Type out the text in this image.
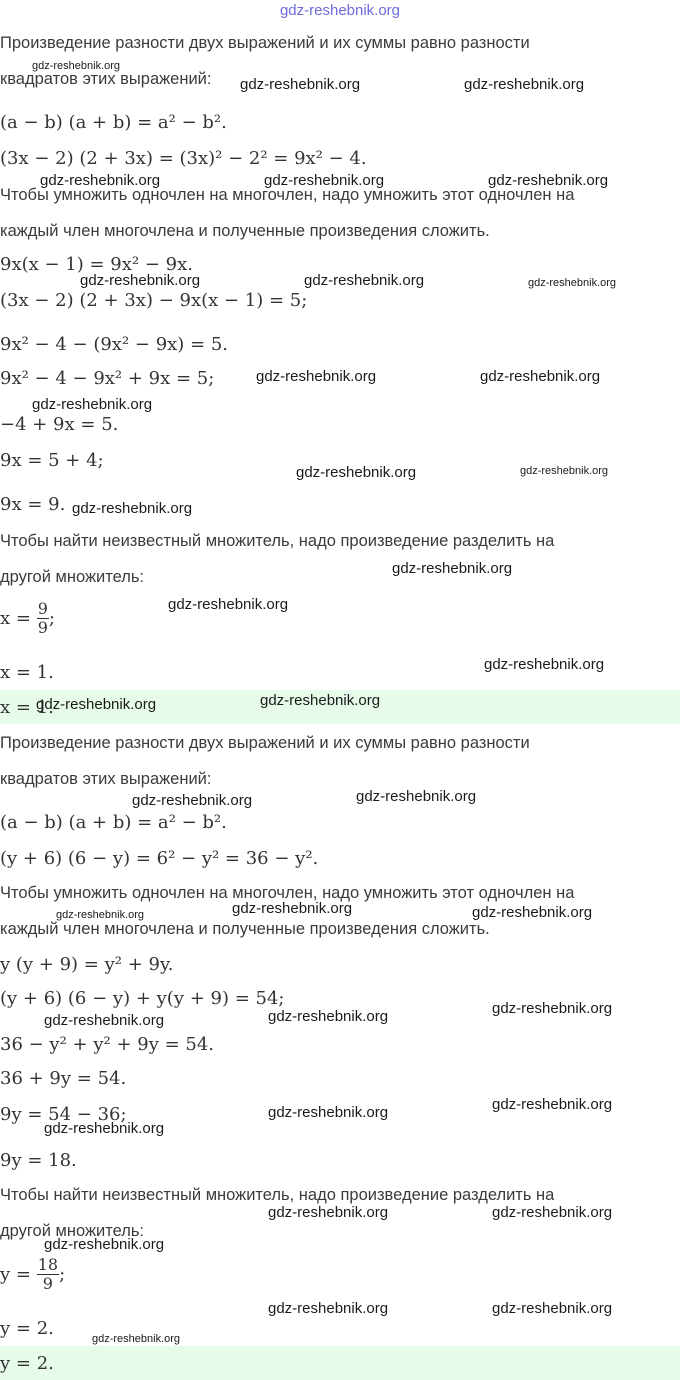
gdz-reshebnik.org
Произведение разности двух выражений и их суммы равно разности
квадратов этих выражений:
(a − b) (a + b) = a² − b².
(3x − 2) (2 + 3x) = (3x)² − 2² = 9x² − 4.
Чтобы умножить одночлен на многочлен, надо умножить этот одночлен на
каждый член многочлена и полученные произведения сложить.
9x(x − 1) = 9x² − 9x.
(3x − 2) (2 + 3x) − 9x(x − 1) = 5;
9x² − 4 − (9x² − 9x) = 5.
9x² − 4 − 9x² + 9x = 5;
−4 + 9x = 5.
9x = 5 + 4;
9x = 9.
Чтобы найти неизвестный множитель, надо произведение разделить на
другой множитель:
$x = \frac{9}{9}$ ;
x = 1.
x = 1.
Произведение разности двух выражений и их суммы равно разности
квадратов этих выражений:
(a − b) (a + b) = a² − b².
(y + 6) (6 − y) = 6² − y² = 36 − y².
Чтобы умножить одночлен на многочлен, надо умножить этот одночлен на
каждый член многочлена и полученные произведения сложить.
y (y + 9) = y² + 9y.
(y + 6) (6 − y) + y(y + 9) = 54;
36 − y² + y² + 9y = 54.
36 + 9y = 54.
9y = 54 − 36;
9y = 18.
Чтобы найти неизвестный множитель, надо произведение разделить на
другой множитель:
$y = \frac{18}{9}$ ;
y = 2.
y = 2.
gdz-reshebnik.org
gdz-reshebnik.org	gdz-reshebnik.org
gdz-reshebnik.org	gdz-reshebnik.org	gdz-reshebnik.org
gdz-reshebnik.org	gdz-reshebnik.org	gdz-reshebnik.org
gdz-reshebnik.org	gdz-reshebnik.org
gdz-reshebnik.org
gdz-reshebnik.org	gdz-reshebnik.org
gdz-reshebnik.org
gdz-reshebnik.org
gdz-reshebnik.org
gdz-reshebnik.org
gdz-reshebnik.org	gdz-reshebnik.org
gdz-reshebnik.org	gdz-reshebnik.org
gdz-reshebnik.org	gdz-reshebnik.org	gdz-reshebnik.org
gdz-reshebnik.org
gdz-reshebnik.org	gdz-reshebnik.org
gdz-reshebnik.org
gdz-reshebnik.org
gdz-reshebnik.org
gdz-reshebnik.org	gdz-reshebnik.org
gdz-reshebnik.org
gdz-reshebnik.org	gdz-reshebnik.org
gdz-reshebnik.org
